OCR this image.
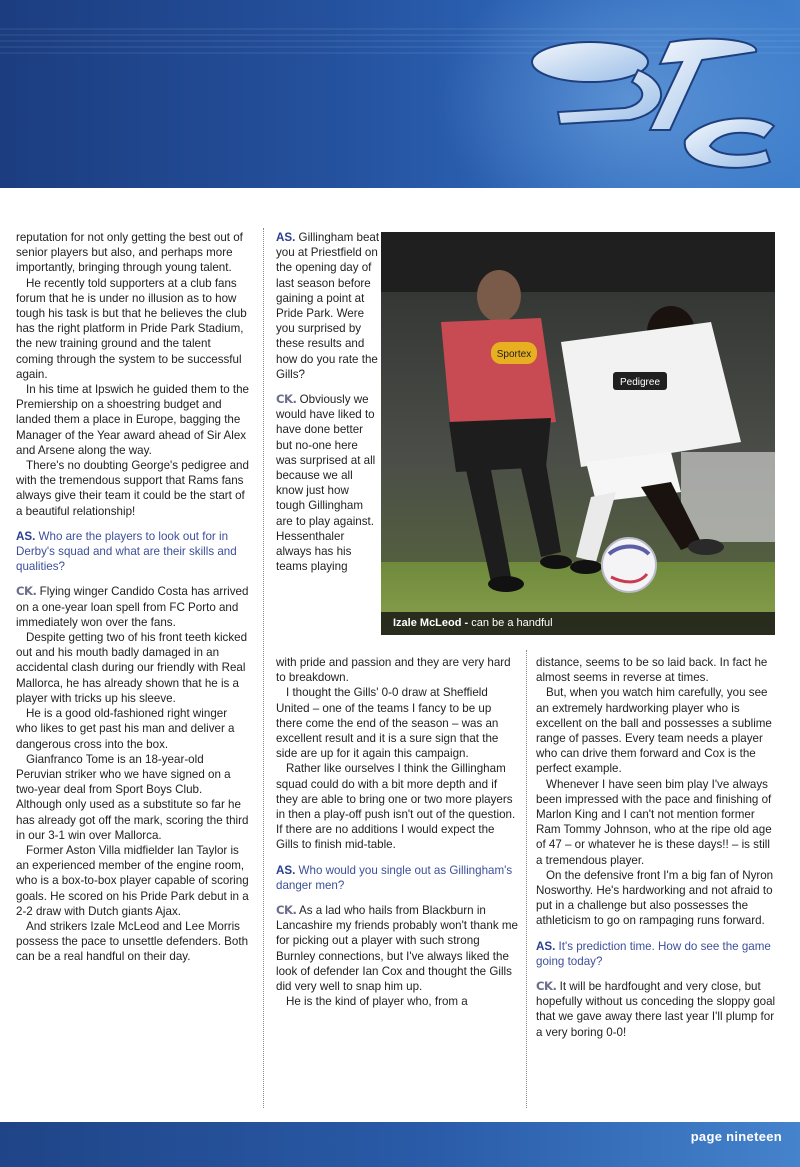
reputation for not only getting the best out of senior players but also, and perhaps more importantly, bringing through young talent.

He recently told supporters at a club fans forum that he is under no illusion as to how tough his task is but that he believes the club has the right platform in Pride Park Stadium, the new training ground and the talent coming through the system to be successful again.

In his time at Ipswich he guided them to the Premiership on a shoestring budget and landed them a place in Europe, bagging the Manager of the Year award ahead of Sir Alex and Arsene along the way.

There's no doubting George's pedigree and with the tremendous support that Rams fans always give their team it could be the start of a beautiful relationship!

AS. Who are the players to look out for in Derby's squad and what are their skills and qualities?

CK. Flying winger Candido Costa has arrived on a one-year loan spell from FC Porto and immediately won over the fans.

Despite getting two of his front teeth kicked out and his mouth badly damaged in an accidental clash during our friendly with Real Mallorca, he has already shown that he is a player with tricks up his sleeve.

He is a good old-fashioned right winger who likes to get past his man and deliver a dangerous cross into the box.

Gianfranco Tome is an 18-year-old Peruvian striker who we have signed on a two-year deal from Sport Boys Club. Although only used as a substitute so far he has already got off the mark, scoring the third in our 3-1 win over Mallorca.

Former Aston Villa midfielder Ian Taylor is an experienced member of the engine room, who is a box-to-box player capable of scoring goals. He scored on his Pride Park debut in a 2-2 draw with Dutch giants Ajax.

And strikers Izale McLeod and Lee Morris possess the pace to unsettle defenders. Both can be a real handful on their day.

AS. Gillingham beat you at Priestfield on the opening day of last season before gaining a point at Pride Park. Were you surprised by these results and how do you rate the Gills?

CK. Obviously we would have liked to have done better but no-one here was surprised at all because we all know just how tough Gillingham are to play against. Hessenthaler always has his teams playing

Sportex
Pedigree
Izale McLeod - can be a handful

with pride and passion and they are very hard to breakdown.

I thought the Gills' 0-0 draw at Sheffield United – one of the teams I fancy to be up there come the end of the season – was an excellent result and it is a sure sign that the side are up for it again this campaign.

Rather like ourselves I think the Gillingham squad could do with a bit more depth and if they are able to bring one or two more players in then a play-off push isn't out of the question. If there are no additions I would expect the Gills to finish mid-table.

AS. Who would you single out as Gillingham's danger men?

CK. As a lad who hails from Blackburn in Lancashire my friends probably won't thank me for picking out a player with such strong Burnley connections, but I've always liked the look of defender Ian Cox and thought the Gills did very well to snap him up.

He is the kind of player who, from a

distance, seems to be so laid back. In fact he almost seems in reverse at times.

But, when you watch him carefully, you see an extremely hardworking player who is excellent on the ball and possesses a sublime range of passes. Every team needs a player who can drive them forward and Cox is the perfect example.

Whenever I have seen bim play I've always been impressed with the pace and finishing of Marlon King and I can't not mention former Ram Tommy Johnson, who at the ripe old age of 47 – or whatever he is these days!! – is still a tremendous player.

On the defensive front I'm a big fan of Nyron Nosworthy. He's hardworking and not afraid to put in a challenge but also possesses the athleticism to go on rampaging runs forward.

AS. It's prediction time. How do see the game going today?

CK. It will be hardfought and very close, but hopefully without us conceding the sloppy goal that we gave away there last year I'll plump for a very boring 0-0!

page nineteen
